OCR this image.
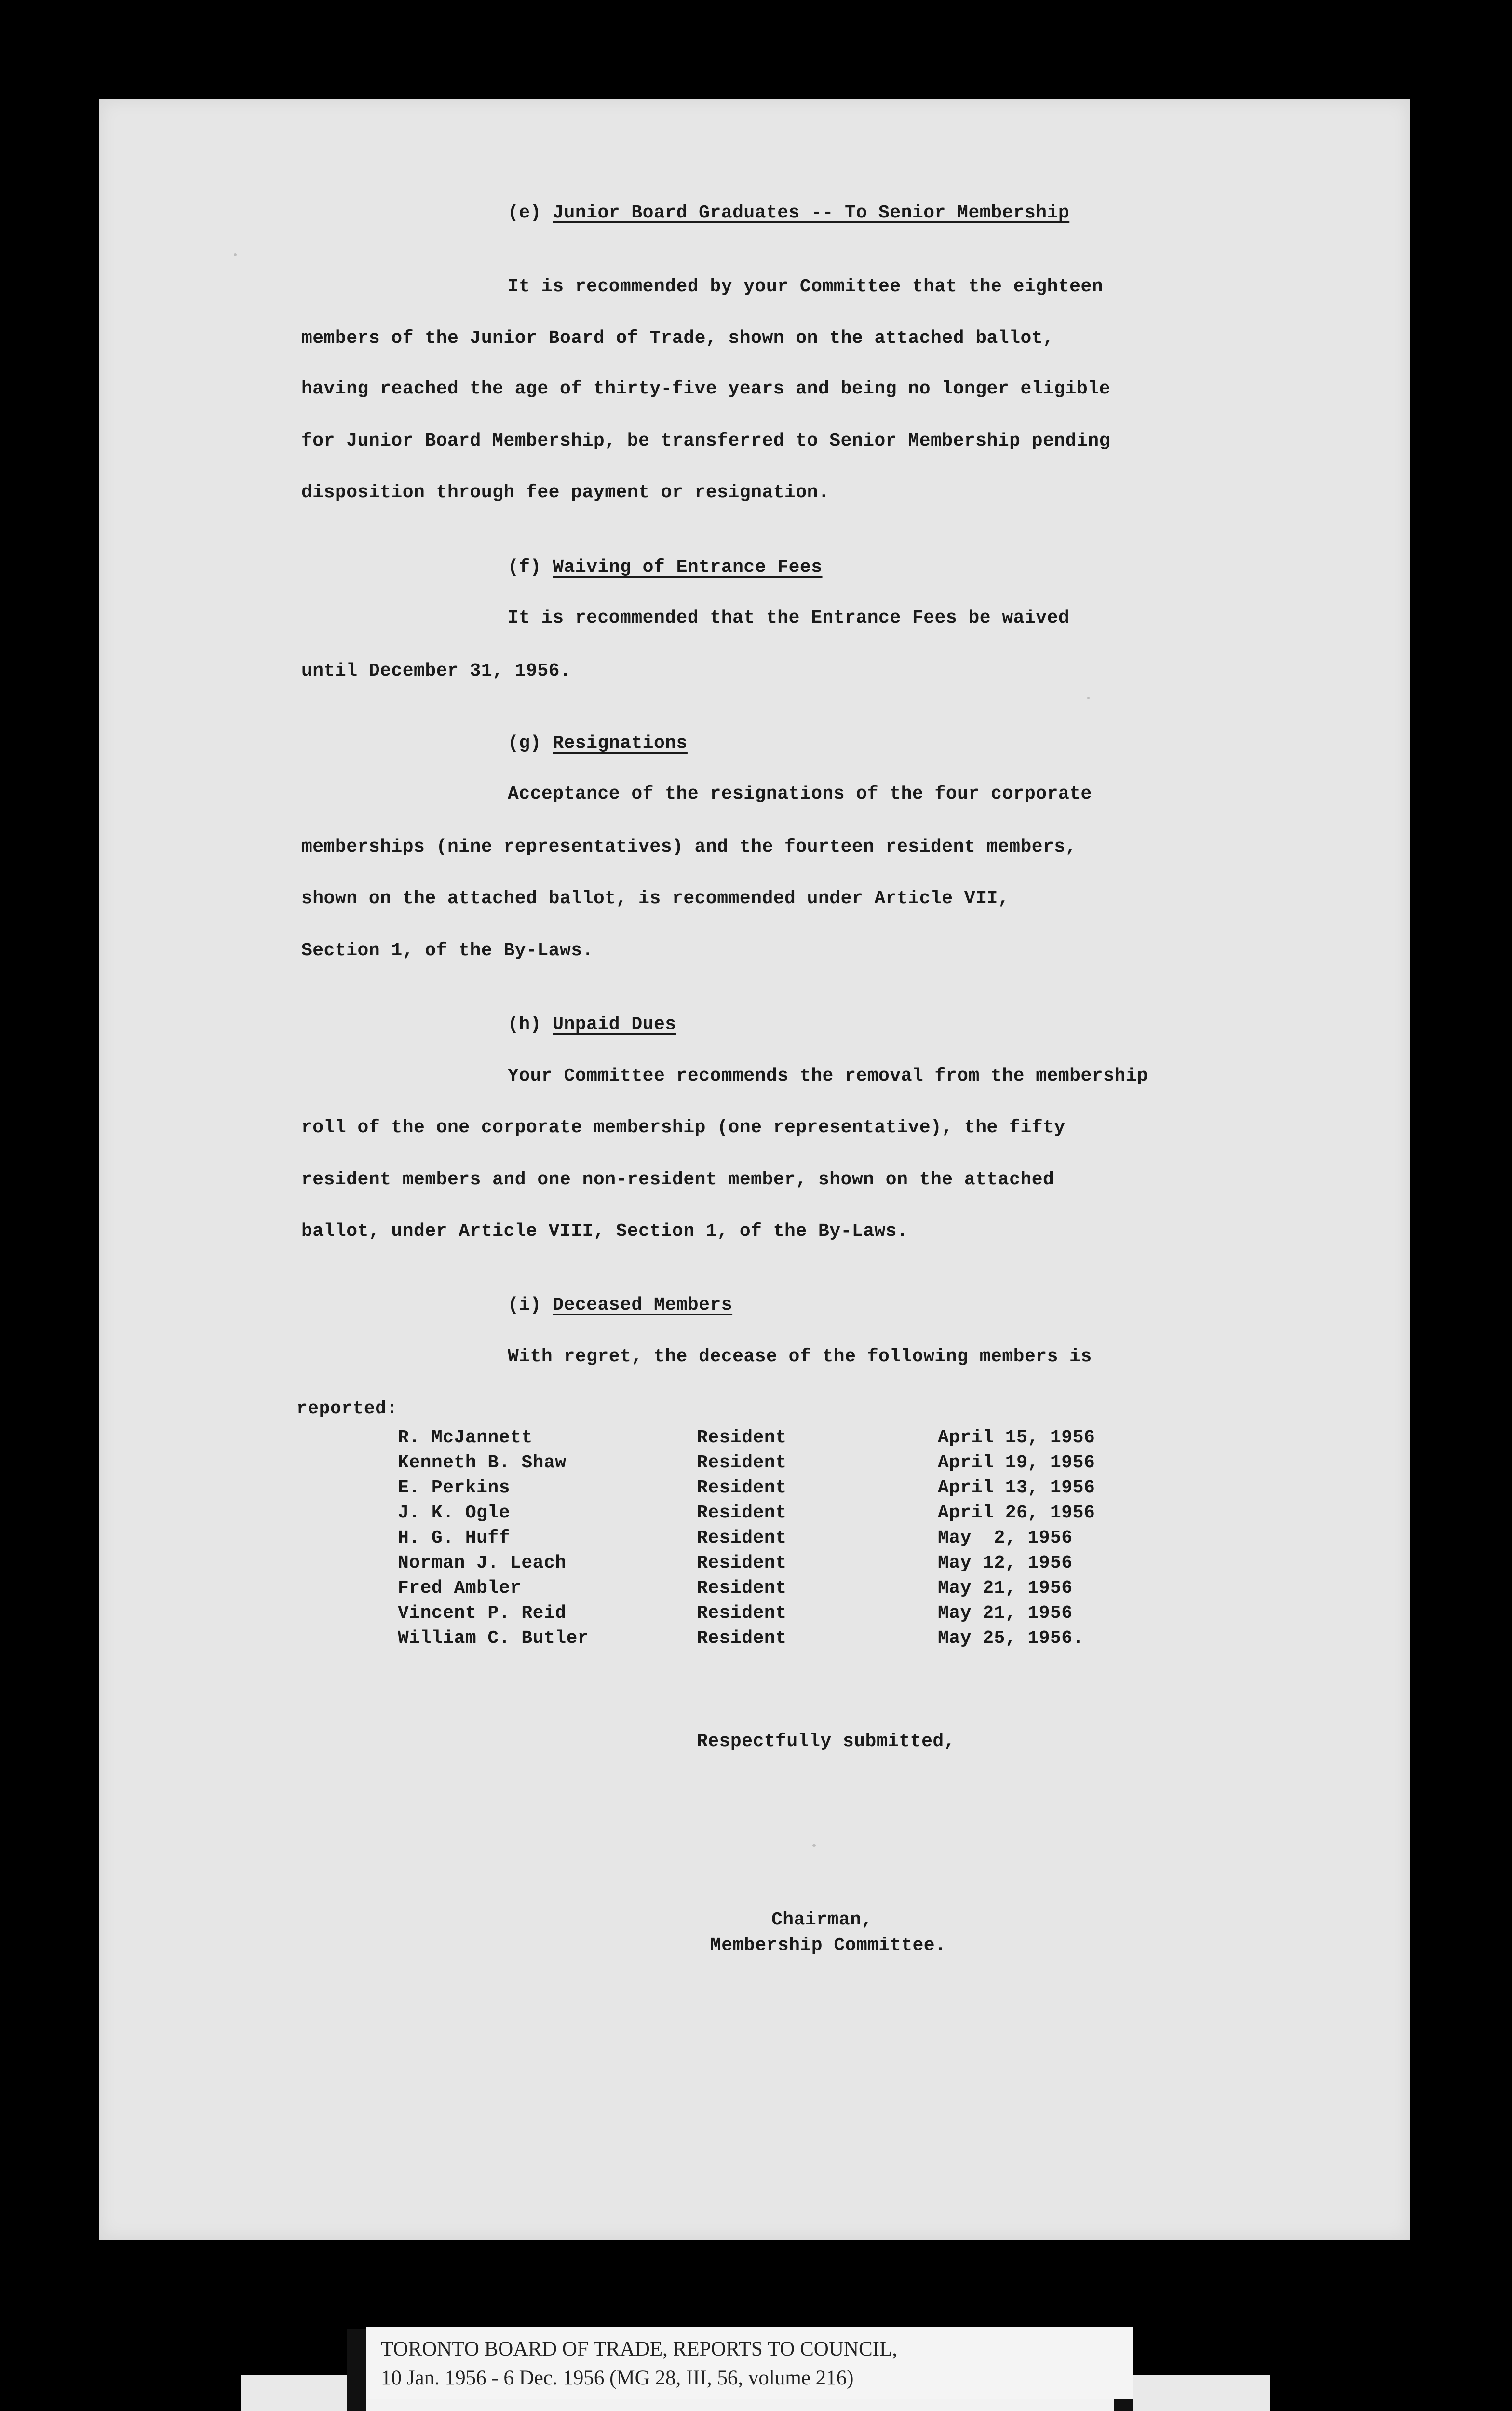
(e) Junior Board Graduates -- To Senior Membership
It is recommended by your Committee that the eighteen
members of the Junior Board of Trade, shown on the attached ballot,
having reached the age of thirty-five years and being no longer eligible
for Junior Board Membership, be transferred to Senior Membership pending
disposition through fee payment or resignation.
(f) Waiving of Entrance Fees
It is recommended that the Entrance Fees be waived
until December 31, 1956.
(g) Resignations
Acceptance of the resignations of the four corporate
memberships (nine representatives) and the fourteen resident members,
shown on the attached ballot, is recommended under Article VII,
Section 1, of the By-Laws.
(h) Unpaid Dues
Your Committee recommends the removal from the membership
roll of the one corporate membership (one representative), the fifty
resident members and one non-resident member, shown on the attached
ballot, under Article VIII, Section 1, of the By-Laws.
(i) Deceased Members
With regret, the decease of the following members is
reported:
R. McJannett	Resident	April 15, 1956
Kenneth B. Shaw	Resident	April 19, 1956
E. Perkins	Resident	April 13, 1956
J. K. Ogle	Resident	April 26, 1956
H. G. Huff	Resident	May  2, 1956
Norman J. Leach	Resident	May 12, 1956
Fred Ambler	Resident	May 21, 1956
Vincent P. Reid	Resident	May 21, 1956
William C. Butler	Resident	May 25, 1956.
Respectfully submitted,
Chairman,
Membership Committee.
TORONTO BOARD OF TRADE, REPORTS TO COUNCIL,
10 Jan. 1956 - 6 Dec. 1956 (MG 28, III, 56, volume 216)
